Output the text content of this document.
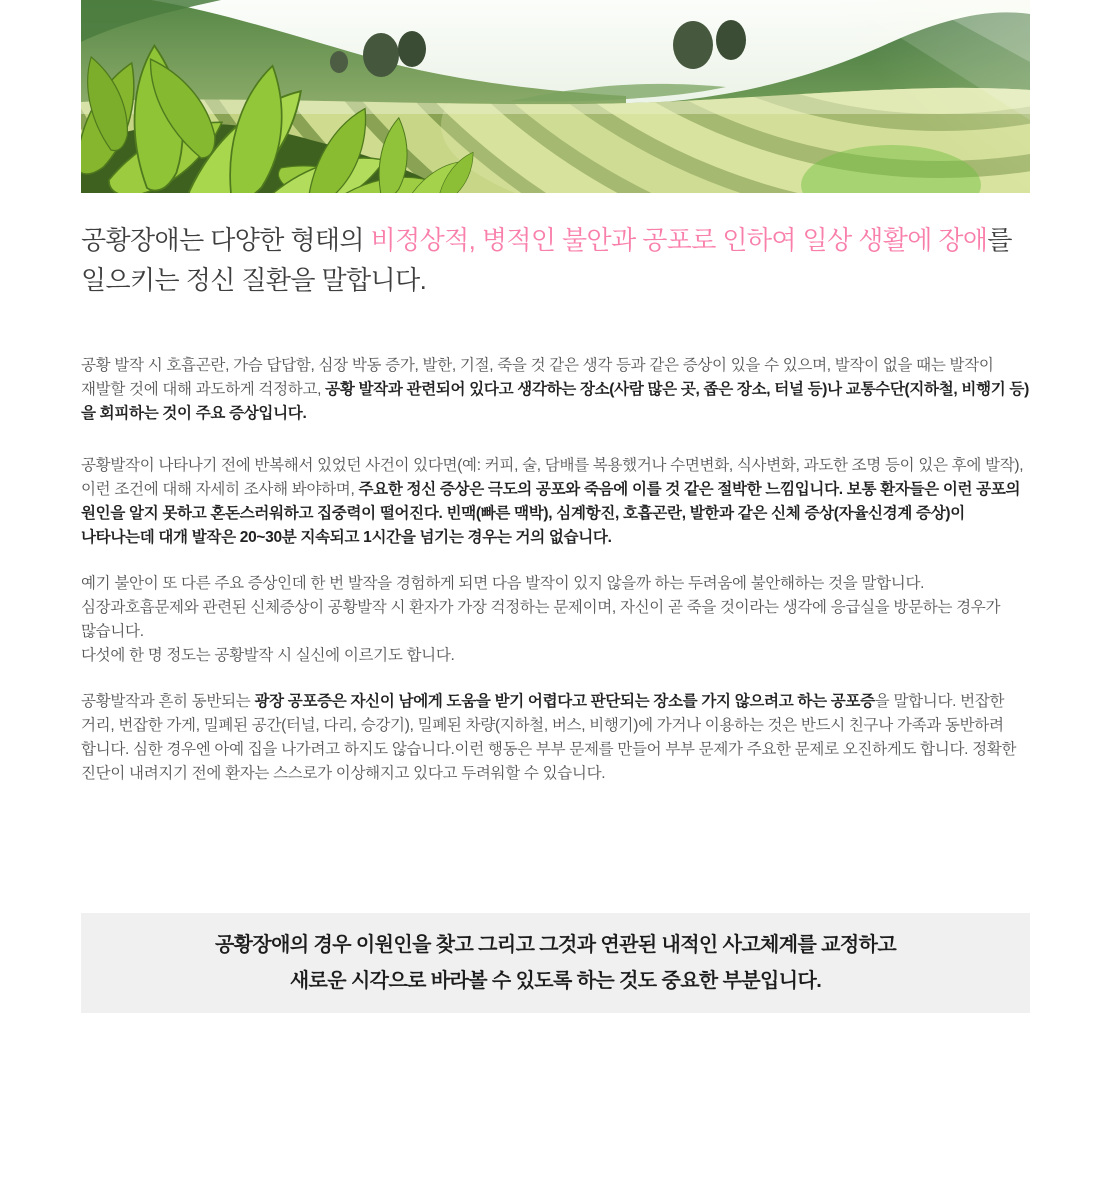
공황장애는 다양한 형태의 비정상적, 병적인 불안과 공포로 인하여 일상 생활에 장애를 일으키는 정신 질환을 말합니다.

공황 발작 시 호흡곤란, 가슴 답답함, 심장 박동 증가, 발한, 기절, 죽을 것 같은 생각 등과 같은 증상이 있을 수 있으며, 발작이 없을 때는 발작이 재발할 것에 대해 과도하게 걱정하고, 공황 발작과 관련되어 있다고 생각하는 장소(사람 많은 곳, 좁은 장소, 터널 등)나 교통수단(지하철, 비행기 등)을 회피하는 것이 주요 증상입니다.

공황발작이 나타나기 전에 반복해서 있었던 사건이 있다면(예: 커피, 술, 담배를 복용했거나 수면변화, 식사변화, 과도한 조명 등이 있은 후에 발작), 이런 조건에 대해 자세히 조사해 봐야하며, 주요한 정신 증상은 극도의 공포와 죽음에 이를 것 같은 절박한 느낌입니다. 보통 환자들은 이런 공포의 원인을 알지 못하고 혼돈스러워하고 집중력이 떨어진다. 빈맥(빠른 맥박), 심계항진, 호흡곤란, 발한과 같은 신체 증상(자율신경계 증상)이 나타나는데 대개 발작은 20~30분 지속되고 1시간을 넘기는 경우는 거의 없습니다.

예기 불안이 또 다른 주요 증상인데 한 번 발작을 경험하게 되면 다음 발작이 있지 않을까 하는 두려움에 불안해하는 것을 말합니다.
심장과호흡문제와 관련된 신체증상이 공황발작 시 환자가 가장 걱정하는 문제이며, 자신이 곧 죽을 것이라는 생각에 응급실을 방문하는 경우가 많습니다.
다섯에 한 명 정도는 공황발작 시 실신에 이르기도 합니다.

공황발작과 흔히 동반되는 광장 공포증은 자신이 남에게 도움을 받기 어렵다고 판단되는 장소를 가지 않으려고 하는 공포증을 말합니다. 번잡한 거리, 번잡한 가게, 밀폐된 공간(터널, 다리, 승강기), 밀폐된 차량(지하철, 버스, 비행기)에 가거나 이용하는 것은 반드시 친구나 가족과 동반하려 합니다. 심한 경우엔 아예 집을 나가려고 하지도 않습니다.이런 행동은 부부 문제를 만들어 부부 문제가 주요한 문제로 오진하게도 합니다. 정확한 진단이 내려지기 전에 환자는 스스로가 이상해지고 있다고 두려워할 수 있습니다.

공황장애의 경우 이원인을 찾고 그리고 그것과 연관된 내적인 사고체계를 교정하고
새로운 시각으로 바라볼 수 있도록 하는 것도 중요한 부분입니다.
